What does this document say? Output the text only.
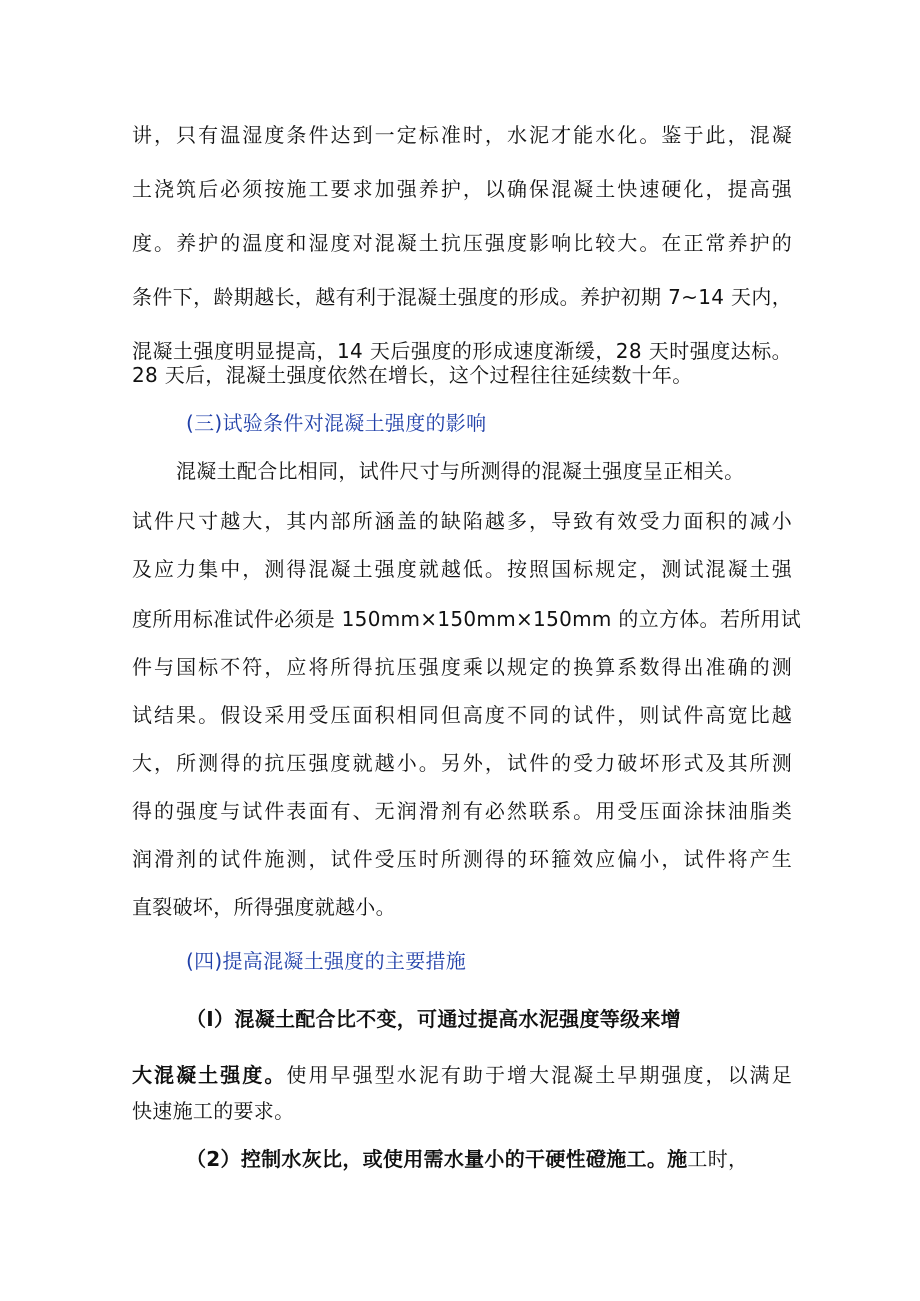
讲，只有温湿度条件达到一定标准时，水泥才能水化。鉴于此，混凝
土浇筑后必须按施工要求加强养护，以确保混凝土快速硬化，提高强
度。养护的温度和湿度对混凝土抗压强度影响比较大。在正常养护的
条件下，龄期越长，越有利于混凝土强度的形成。养护初期 7~14 天内，
混凝土强度明显提高，14 天后强度的形成速度渐缓，28 天时强度达标。
28 天后，混凝土强度依然在增长，这个过程往往延续数十年。
(三)试验条件对混凝土强度的影响
混凝土配合比相同，试件尺寸与所测得的混凝土强度呈正相关。
试件尺寸越大，其内部所涵盖的缺陷越多，导致有效受力面积的减小
及应力集中，测得混凝土强度就越低。按照国标规定，测试混凝土强
度所用标准试件必须是 150mm×150mm×150mm 的立方体。若所用试
件与国标不符，应将所得抗压强度乘以规定的换算系数得出准确的测
试结果。假设采用受压面积相同但高度不同的试件，则试件高宽比越
大，所测得的抗压强度就越小。另外，试件的受力破坏形式及其所测
得的强度与试件表面有、无润滑剂有必然联系。用受压面涂抹油脂类
润滑剂的试件施测，试件受压时所测得的环箍效应偏小，试件将产生
直裂破坏，所得强度就越小。
(四)提高混凝土强度的主要措施
（I）混凝土配合比不变，可通过提高水泥强度等级来增
大混凝土强度。使用早强型水泥有助于增大混凝土早期强度，以满足
快速施工的要求。
（2）控制水灰比，或使用需水量小的干硬性磴施工。施工时，
